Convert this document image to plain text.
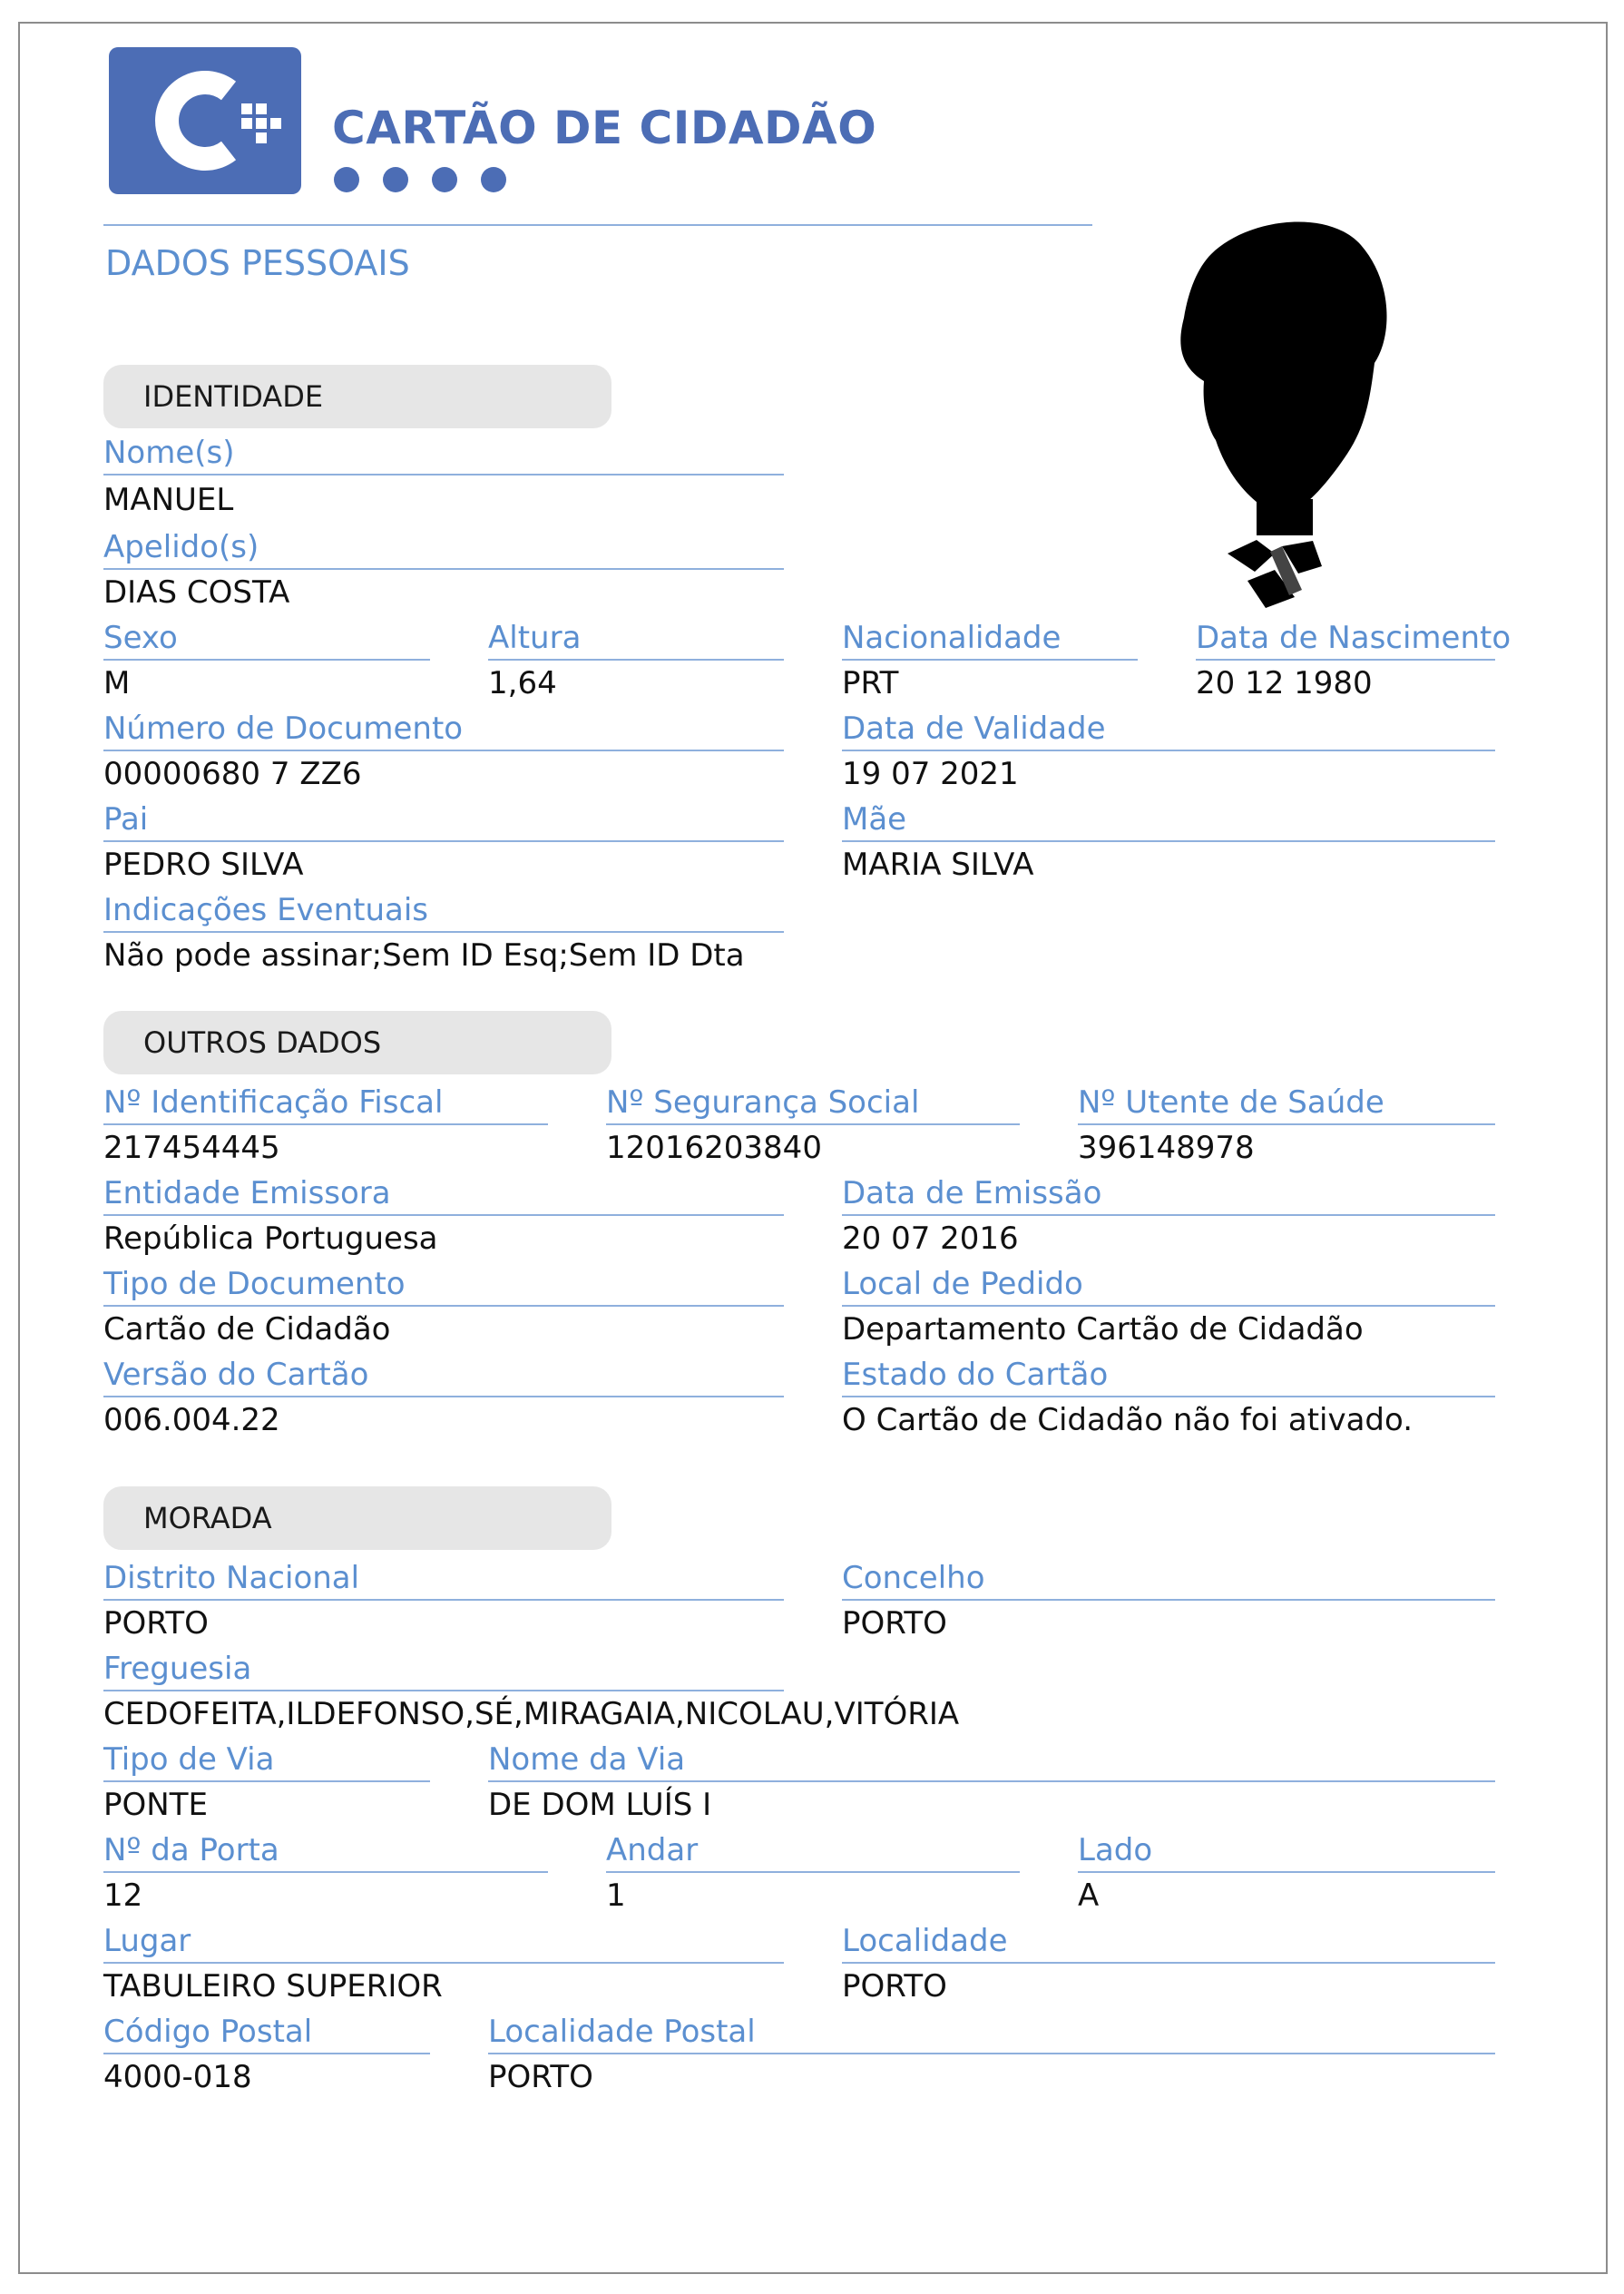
CARTÃO DE CIDADÃO
DADOS PESSOAIS
IDENTIDADE
Nome(s)
MANUEL
Apelido(s)
DIAS COSTA
Sexo
M
Altura
1,64
Nacionalidade
PRT
Data de Nascimento
20 12 1980
Número de Documento
00000680 7 ZZ6
Data de Validade
19 07 2021
Pai
PEDRO SILVA
Mãe
MARIA SILVA
Indicações Eventuais
Não pode assinar;Sem ID Esq;Sem ID Dta
OUTROS DADOS
Nº Identificação Fiscal
217454445
Nº Segurança Social
12016203840
Nº Utente de Saúde
396148978
Entidade Emissora
República Portuguesa
Data de Emissão
20 07 2016
Tipo de Documento
Cartão de Cidadão
Local de Pedido
Departamento Cartão de Cidadão
Versão do Cartão
006.004.22
Estado do Cartão
O Cartão de Cidadão não foi ativado.
MORADA
Distrito Nacional
PORTO
Concelho
PORTO
Freguesia
CEDOFEITA,ILDEFONSO,SÉ,MIRAGAIA,NICOLAU,VITÓRIA
Tipo de Via
PONTE
Nome da Via
DE DOM LUÍS I
Nº da Porta
12
Andar
1
Lado
A
Lugar
TABULEIRO SUPERIOR
Localidade
PORTO
Código Postal
4000-018
Localidade Postal
PORTO
